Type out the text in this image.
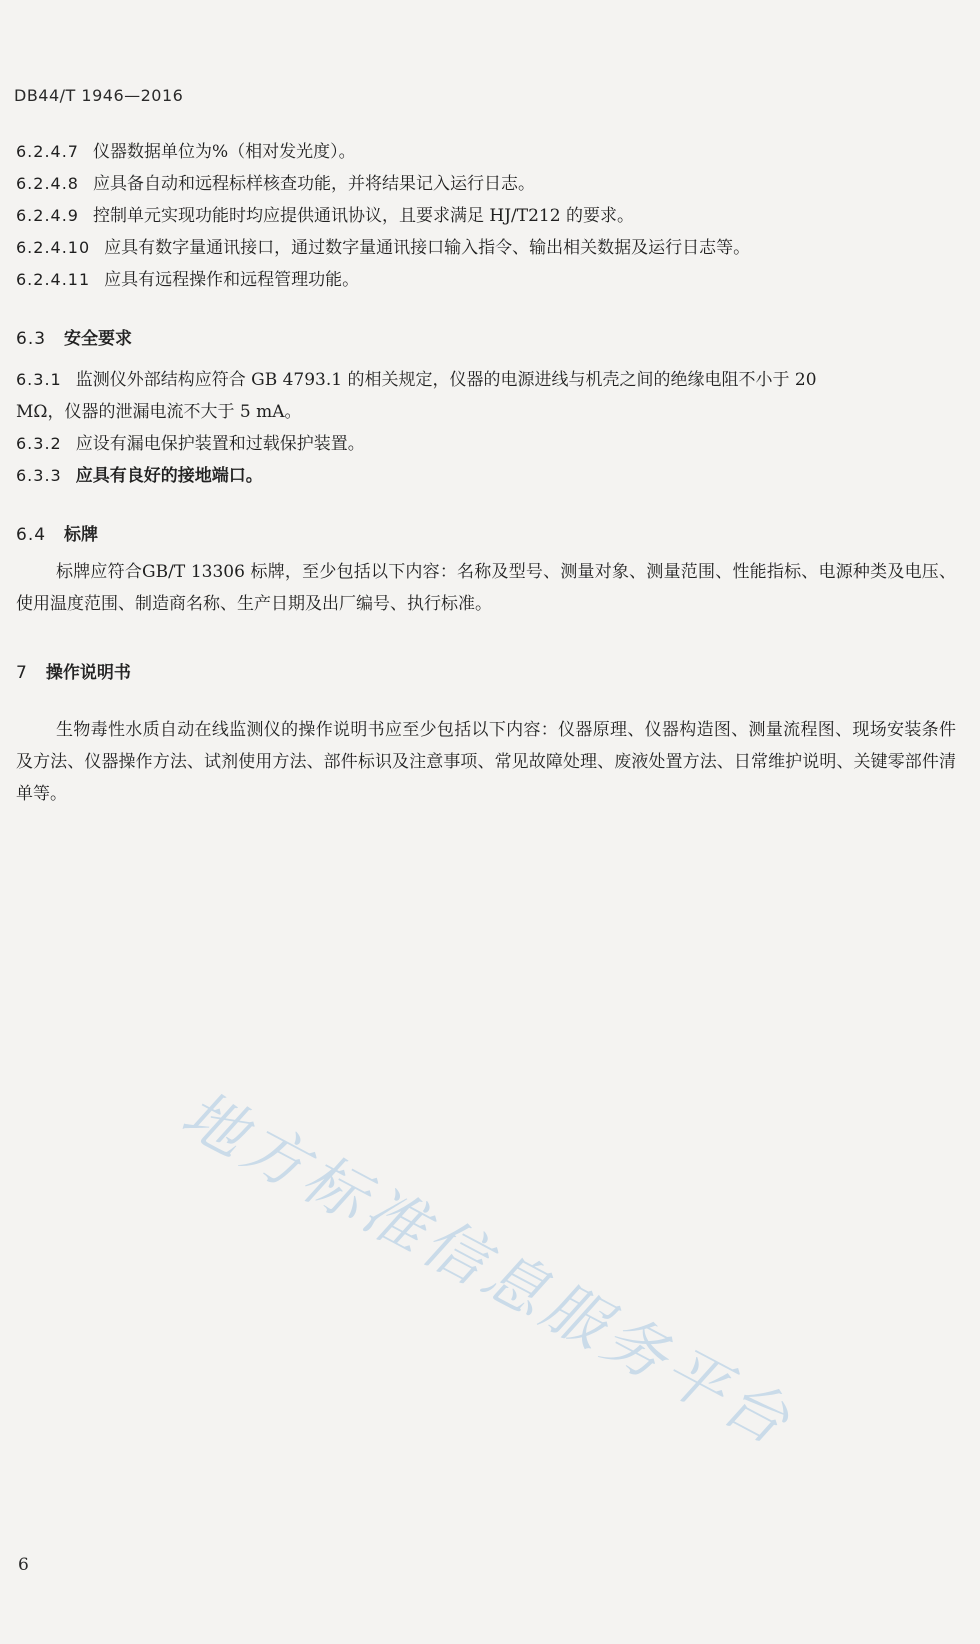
DB44/T 1946—2016
6.2.4.7 仪器数据单位为%（相对发光度）。
6.2.4.8 应具备自动和远程标样核查功能，并将结果记入运行日志。
6.2.4.9 控制单元实现功能时均应提供通讯协议，且要求满足 HJ/T212 的要求。
6.2.4.10 应具有数字量通讯接口，通过数字量通讯接口输入指令、输出相关数据及运行日志等。
6.2.4.11 应具有远程操作和远程管理功能。
6.3 安全要求
6.3.1 监测仪外部结构应符合 GB 4793.1 的相关规定，仪器的电源进线与机壳之间的绝缘电阻不小于 20
MΩ，仪器的泄漏电流不大于 5 mA。
6.3.2 应设有漏电保护装置和过载保护装置。
6.3.3 应具有良好的接地端口。
6.4 标牌
标牌应符合GB/T 13306 标牌，至少包括以下内容：名称及型号、测量对象、测量范围、性能指标、电源种类及电压、使用温度范围、制造商名称、生产日期及出厂编号、执行标准。
7 操作说明书
生物毒性水质自动在线监测仪的操作说明书应至少包括以下内容：仪器原理、仪器构造图、测量流程图、现场安装条件及方法、仪器操作方法、试剂使用方法、部件标识及注意事项、常见故障处理、废液处置方法、日常维护说明、关键零部件清单等。
地方标准信息服务平台
6
